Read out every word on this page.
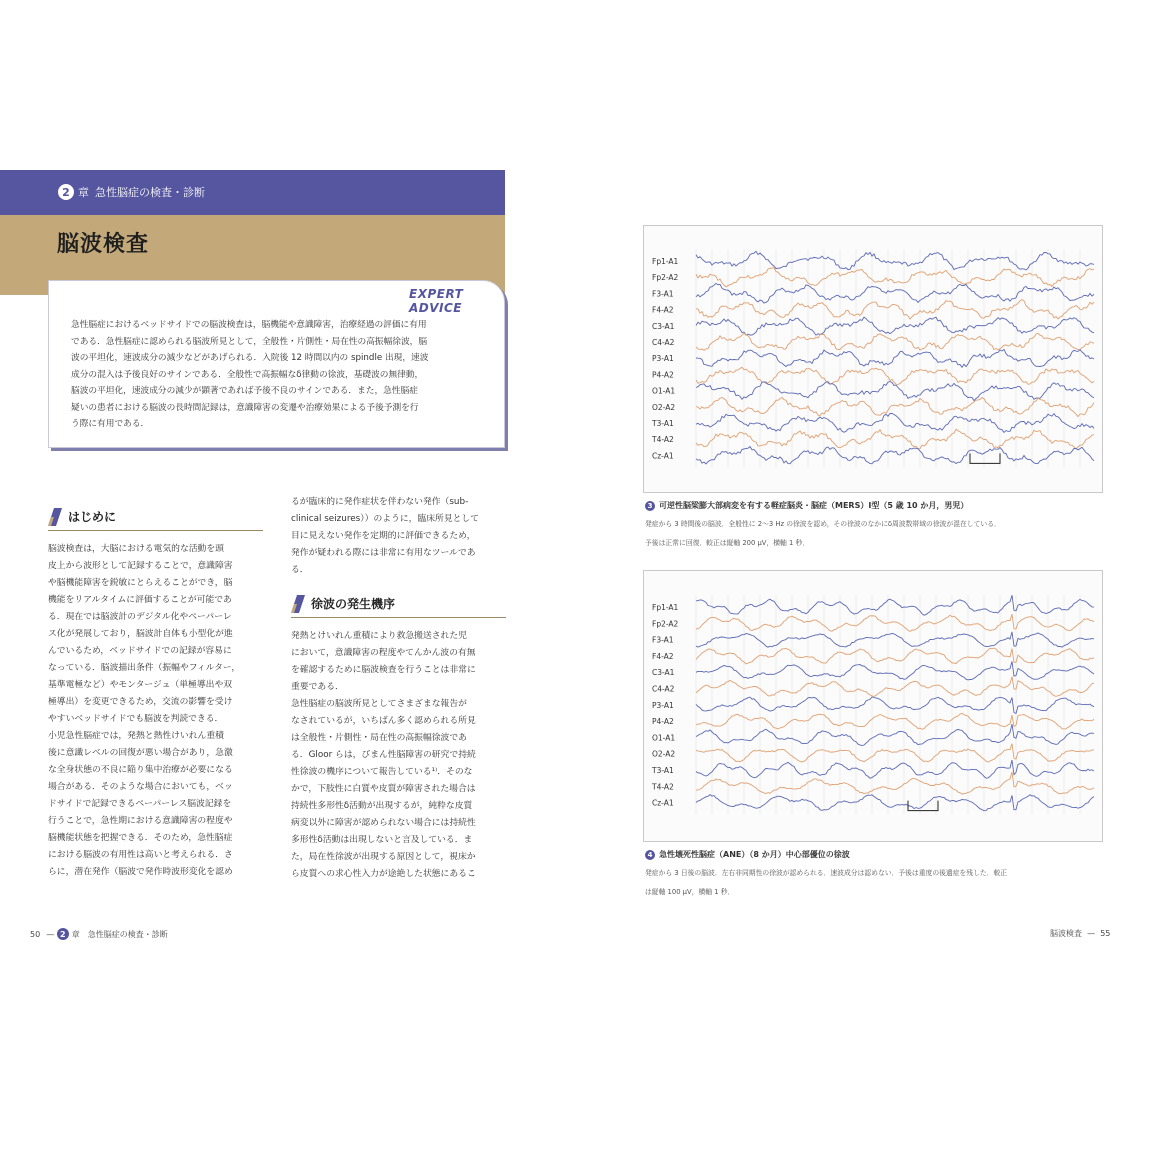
2 章 急性脳症の検査・診断
脳波検査
EXPERT ADVICE

急性脳症におけるベッドサイドでの脳波検査は，脳機能や意識障害，治療経過の評価に有用

である．急性脳症に認められる脳波所見として，全般性・片側性・局在性の高振幅徐波，脳

波の平坦化，速波成分の減少などがあげられる．入院後 12 時間以内の spindle 出現，速波

成分の混入は予後良好のサインである．全般性で高振幅なδ律動の徐波，基礎波の無律動，

脳波の平坦化，速波成分の減少が顕著であれば予後不良のサインである．また，急性脳症

疑いの患者における脳波の長時間記録は，意識障害の変遷や治療効果による予後予測を行

う際に有用である．

はじめに

脳波検査は，大脳における電気的な活動を頭

皮上から波形として記録することで，意識障害

や脳機能障害を鋭敏にとらえることができ，脳

機能をリアルタイムに評価することが可能であ

る．現在では脳波計のデジタル化やペーパーレ

ス化が発展しており，脳波計自体も小型化が進

んでいるため，ベッドサイドでの記録が容易に

なっている．脳波描出条件（振幅やフィルター，

基準電極など）やモンタージュ（単極導出や双

極導出）を変更できるため，交流の影響を受け

やすいベッドサイドでも脳波を判読できる．

小児急性脳症では，発熱と熱性けいれん重積

後に意識レベルの回復が悪い場合があり，急激

な全身状態の不良に陥り集中治療が必要になる

場合がある．そのような場合においても，ベッ

ドサイドで記録できるペーパーレス脳波記録を

行うことで，急性期における意識障害の程度や

脳機能状態を把握できる．そのため，急性脳症

における脳波の有用性は高いと考えられる．さ

らに，潜在発作（脳波で発作時波形変化を認め

るが臨床的に発作症状を伴わない発作（sub-

clinical seizures））のように，臨床所見として

目に見えない発作を定期的に評価できるため，

発作が疑われる際には非常に有用なツールであ

る．

徐波の発生機序

発熱とけいれん重積により救急搬送された児

において，意識障害の程度やてんかん波の有無

を確認するために脳波検査を行うことは非常に

重要である．

急性脳症の脳波所見としてさまざまな報告が

なされているが，いちばん多く認められる所見

は全般性・片側性・局在性の高振幅徐波であ

る．Gloor らは，びまん性脳障害の研究で持続

性徐波の機序について報告している¹⁾．そのな

かで，下肢性に白質や皮質が障害された場合は

持続性多形性δ活動が出現するが，純粋な皮質

病変以外に障害が認められない場合には持続性

多形性δ活動は出現しないと言及している．ま

た，局在性徐波が出現する原因として，視床か

ら皮質への求心性入力が途絶した状態にあるこ

50 — 2 章　急性脳症の検査・診断	脳波検査  —  55
Fp1-A1
Fp2-A2
F3-A1
F4-A2
C3-A1
C4-A2
P3-A1
P4-A2
O1-A1
O2-A2
T3-A1
T4-A2
Cz-A1
3 可逆性脳梁膨大部病変を有する軽症脳炎・脳症（MERS）Ⅰ型（5 歳 10 か月，男児）

発症から 3 時間後の脳波．全般性に 2～3 Hz の徐波を認め，その徐波のなかにδ周波数帯域の徐波が混在している．

予後は正常に回復．較正は縦軸 200 μV，横軸 1 秒．

Fp1-A1
Fp2-A2
F3-A1
F4-A2
C3-A1
C4-A2
P3-A1
P4-A2
O1-A1
O2-A2
T3-A1
T4-A2
Cz-A1
4 急性壊死性脳症（ANE）（8 か月）中心部優位の徐波

発症から 3 日後の脳波．左右非同期性の徐波が認められる．速波成分は認めない．予後は重度の後遺症を残した．較正

は縦軸 100 μV，横軸 1 秒．
